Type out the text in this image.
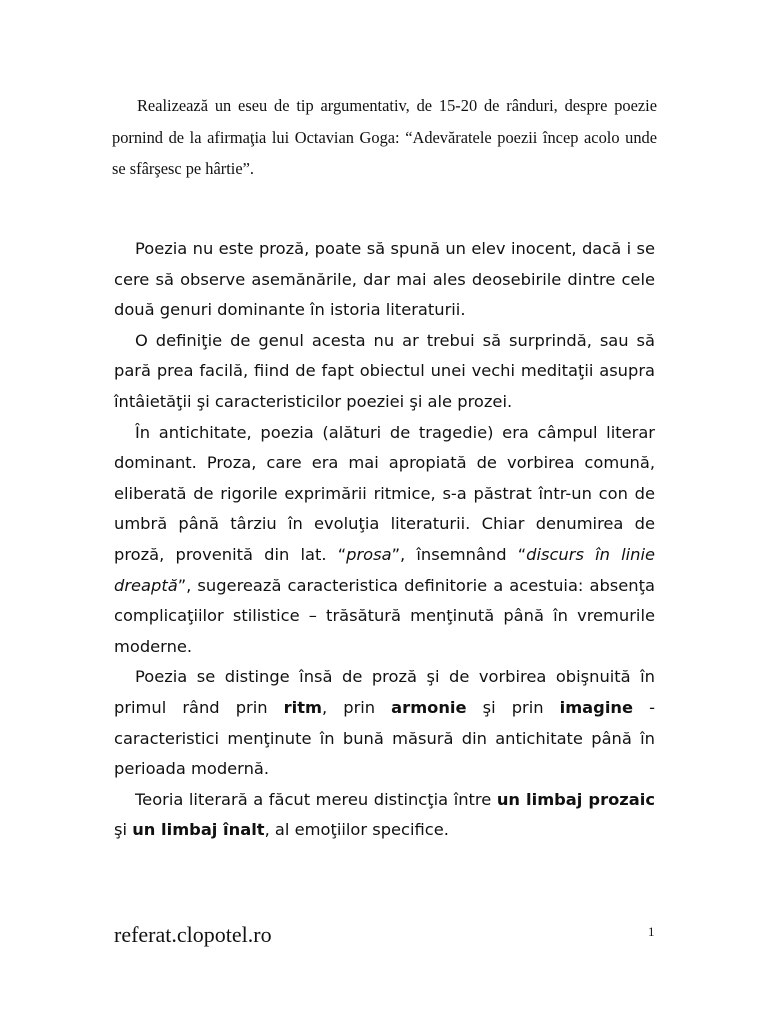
Realizează un eseu de tip argumentativ, de 15-20 de rânduri, despre poezie pornind de la afirmaţia lui Octavian Goga: “Adevăratele poezii încep acolo unde se sfârşesc pe hârtie”.

Poezia nu este proză, poate să spună un elev inocent, dacă i se cere să observe asemănările, dar mai ales deosebirile dintre cele două genuri dominante în istoria literaturii.

O definiţie de genul acesta nu ar trebui să surprindă, sau să pară prea facilă, fiind de fapt obiectul unei vechi meditaţii asupra întâietăţii şi caracteristicilor poeziei şi ale prozei.

În antichitate, poezia (alături de tragedie) era câmpul literar dominant. Proza, care era mai apropiată de vorbirea comună, eliberată de rigorile exprimării ritmice, s-a păstrat într-un con de umbră până târziu în evoluţia literaturii. Chiar denumirea de proză, provenită din lat. “prosa”, însemnând “discurs în linie dreaptă”, sugerează caracteristica definitorie a acestuia: absenţa complicaţiilor stilistice – trăsătură menţinută până în vremurile moderne.

Poezia se distinge însă de proză şi de vorbirea obişnuită în primul rând prin ritm, prin armonie şi prin imagine - caracteristici menţinute în bună măsură din antichitate până în perioada modernă.

Teoria literară a făcut mereu distincţia între un limbaj prozaic şi un limbaj înalt, al emoţiilor specifice.

referat.clopotel.ro	1
